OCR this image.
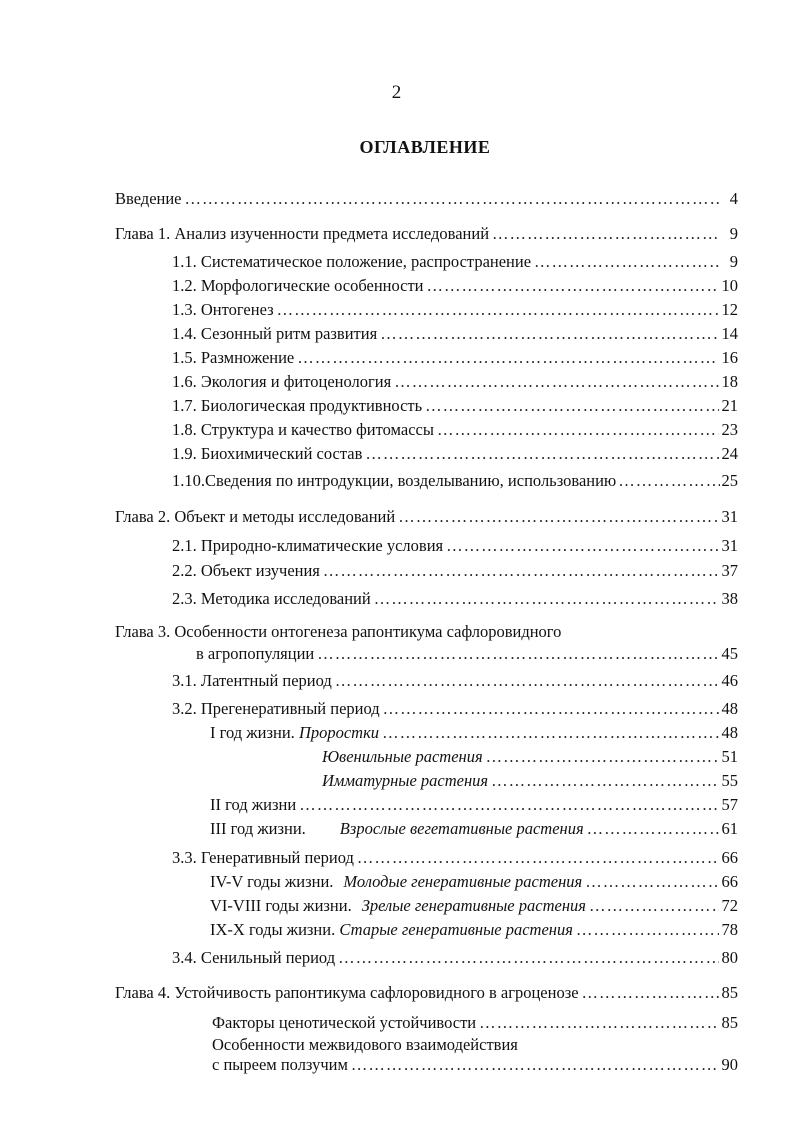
2
ОГЛАВЛЕНИЕ
Введение …………………………………………………………………………………………………………………………………………………………	4
Глава 1. Анализ изученности предмета исследований …………………………………………………………………………………………………………………………………………………………	9
1.1. Систематическое положение, распространение …………………………………………………………………………………………………………………………………………………………	9
1.2. Морфологические особенности …………………………………………………………………………………………………………………………………………………………	10
1.3. Онтогенез …………………………………………………………………………………………………………………………………………………………	12
1.4. Сезонный ритм развития …………………………………………………………………………………………………………………………………………………………	14
1.5. Размножение …………………………………………………………………………………………………………………………………………………………	16
1.6. Экология и фитоценология …………………………………………………………………………………………………………………………………………………………	18
1.7. Биологическая продуктивность …………………………………………………………………………………………………………………………………………………………	21
1.8. Структура и качество фитомассы …………………………………………………………………………………………………………………………………………………………	23
1.9. Биохимический состав …………………………………………………………………………………………………………………………………………………………	24
1.10.Сведения по интродукции, возделыванию, использованию …………………………………………………………………………………………………………………………………………………………	25
Глава 2. Объект и методы исследований …………………………………………………………………………………………………………………………………………………………	31
2.1. Природно-климатические условия …………………………………………………………………………………………………………………………………………………………	31
2.2. Объект изучения …………………………………………………………………………………………………………………………………………………………	37
2.3. Методика исследований …………………………………………………………………………………………………………………………………………………………	38
Глава 3. Особенности онтогенеза рапонтикума сафлоровидного
в агропопуляции …………………………………………………………………………………………………………………………………………………………	45
3.1. Латентный период …………………………………………………………………………………………………………………………………………………………	46
3.2. Прегенеративный период …………………………………………………………………………………………………………………………………………………………	48
I год жизни. Проростки …………………………………………………………………………………………………………………………………………………………	48
Ювенильные растения …………………………………………………………………………………………………………………………………………………………	51
Имматурные растения …………………………………………………………………………………………………………………………………………………………	55
II год жизни …………………………………………………………………………………………………………………………………………………………	57
III год жизни. Взрослые вегетативные растения …………………………………………………………………………………………………………………………………………………………	61
3.3. Генеративный период …………………………………………………………………………………………………………………………………………………………	66
IV-V годы жизни. Молодые генеративные растения …………………………………………………………………………………………………………………………………………………………	66
VI-VIII годы жизни. Зрелые генеративные растения …………………………………………………………………………………………………………………………………………………………	72
IX-X годы жизни. Старые генеративные растения …………………………………………………………………………………………………………………………………………………………	78
3.4. Сенильный период …………………………………………………………………………………………………………………………………………………………	80
Глава 4. Устойчивость рапонтикума сафлоровидного в агроценозе …………………………………………………………………………………………………………………………………………………………	85
Факторы ценотической устойчивости …………………………………………………………………………………………………………………………………………………………	85
Особенности межвидового взаимодействия
с пыреем ползучим …………………………………………………………………………………………………………………………………………………………	90
